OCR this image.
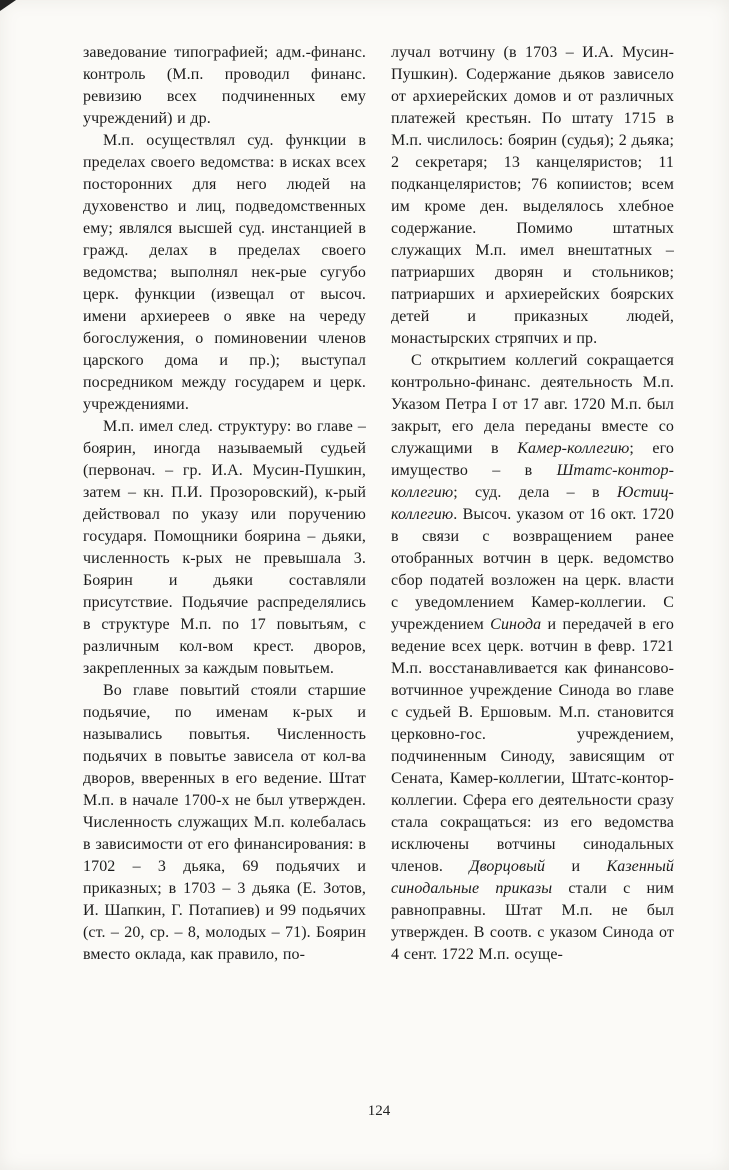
заведование типографией; адм.-финанс. контроль (М.п. проводил финанс. ревизию всех подчиненных ему учреждений) и др.

М.п. осуществлял суд. функции в пределах своего ведомства: в исках всех посторонних для него людей на духовенство и лиц, подведомственных ему; являлся высшей суд. инстанцией в гражд. делах в пределах своего ведомства; выполнял нек-рые сугубо церк. функции (извещал от высоч. имени архиереев о явке на череду богослужения, о поминовении членов царского дома и пр.); выступал посредником между государем и церк. учреждениями.

М.п. имел след. структуру: во главе – боярин, иногда называемый судьей (первонач. – гр. И.А. Мусин-Пушкин, затем – кн. П.И. Прозоровский), к-рый действовал по указу или поручению государя. Помощники боярина – дьяки, численность к-рых не превышала 3. Боярин и дьяки составляли присутствие. Подьячие распределялись в структуре М.п. по 17 повытьям, с различным кол-вом крест. дворов, закрепленных за каждым повытьем.

Во главе повытий стояли старшие подьячие, по именам к-рых и назывались повытья. Численность подьячих в повытье зависела от кол-ва дворов, вверенных в его ведение. Штат М.п. в начале 1700-х не был утвержден. Численность служащих М.п. колебалась в зависимости от его финансирования: в 1702 – 3 дьяка, 69 подьячих и приказных; в 1703 – 3 дьяка (Е. Зотов, И. Шапкин, Г. Потапиев) и 99 подьячих (ст. – 20, ср. – 8, молодых – 71). Боярин вместо оклада, как правило, по-

лучал вотчину (в 1703 – И.А. Мусин-Пушкин). Содержание дьяков зависело от архиерейских домов и от различных платежей крестьян. По штату 1715 в М.п. числилось: боярин (судья); 2 дьяка; 2 секретаря; 13 канцеляристов; 11 подканцеляристов; 76 копиистов; всем им кроме ден. выделялось хлебное содержание. Помимо штатных служащих М.п. имел внештатных – патриарших дворян и стольников; патриарших и архиерейских боярских детей и приказных людей, монастырских стряпчих и пр.

С открытием коллегий сокращается контрольно-финанс. деятельность М.п. Указом Петра I от 17 авг. 1720 М.п. был закрыт, его дела переданы вместе со служащими в Камер-коллегию; его имущество – в Штатс-контор-коллегию; суд. дела – в Юстиц-коллегию. Высоч. указом от 16 окт. 1720 в связи с возвращением ранее отобранных вотчин в церк. ведомство сбор податей возложен на церк. власти с уведомлением Камер-коллегии. С учреждением Синода и передачей в его ведение всех церк. вотчин в февр. 1721 М.п. восстанавливается как финансово-вотчинное учреждение Синода во главе с судьей В. Ершовым. М.п. становится церковно-гос. учреждением, подчиненным Синоду, зависящим от Сената, Камер-коллегии, Штатс-контор-коллегии. Сфера его деятельности сразу стала сокращаться: из его ведомства исключены вотчины синодальных членов. Дворцовый и Казенный синодальные приказы стали с ним равноправны. Штат М.п. не был утвержден. В соотв. с указом Синода от 4 сент. 1722 М.п. осуще-

124
